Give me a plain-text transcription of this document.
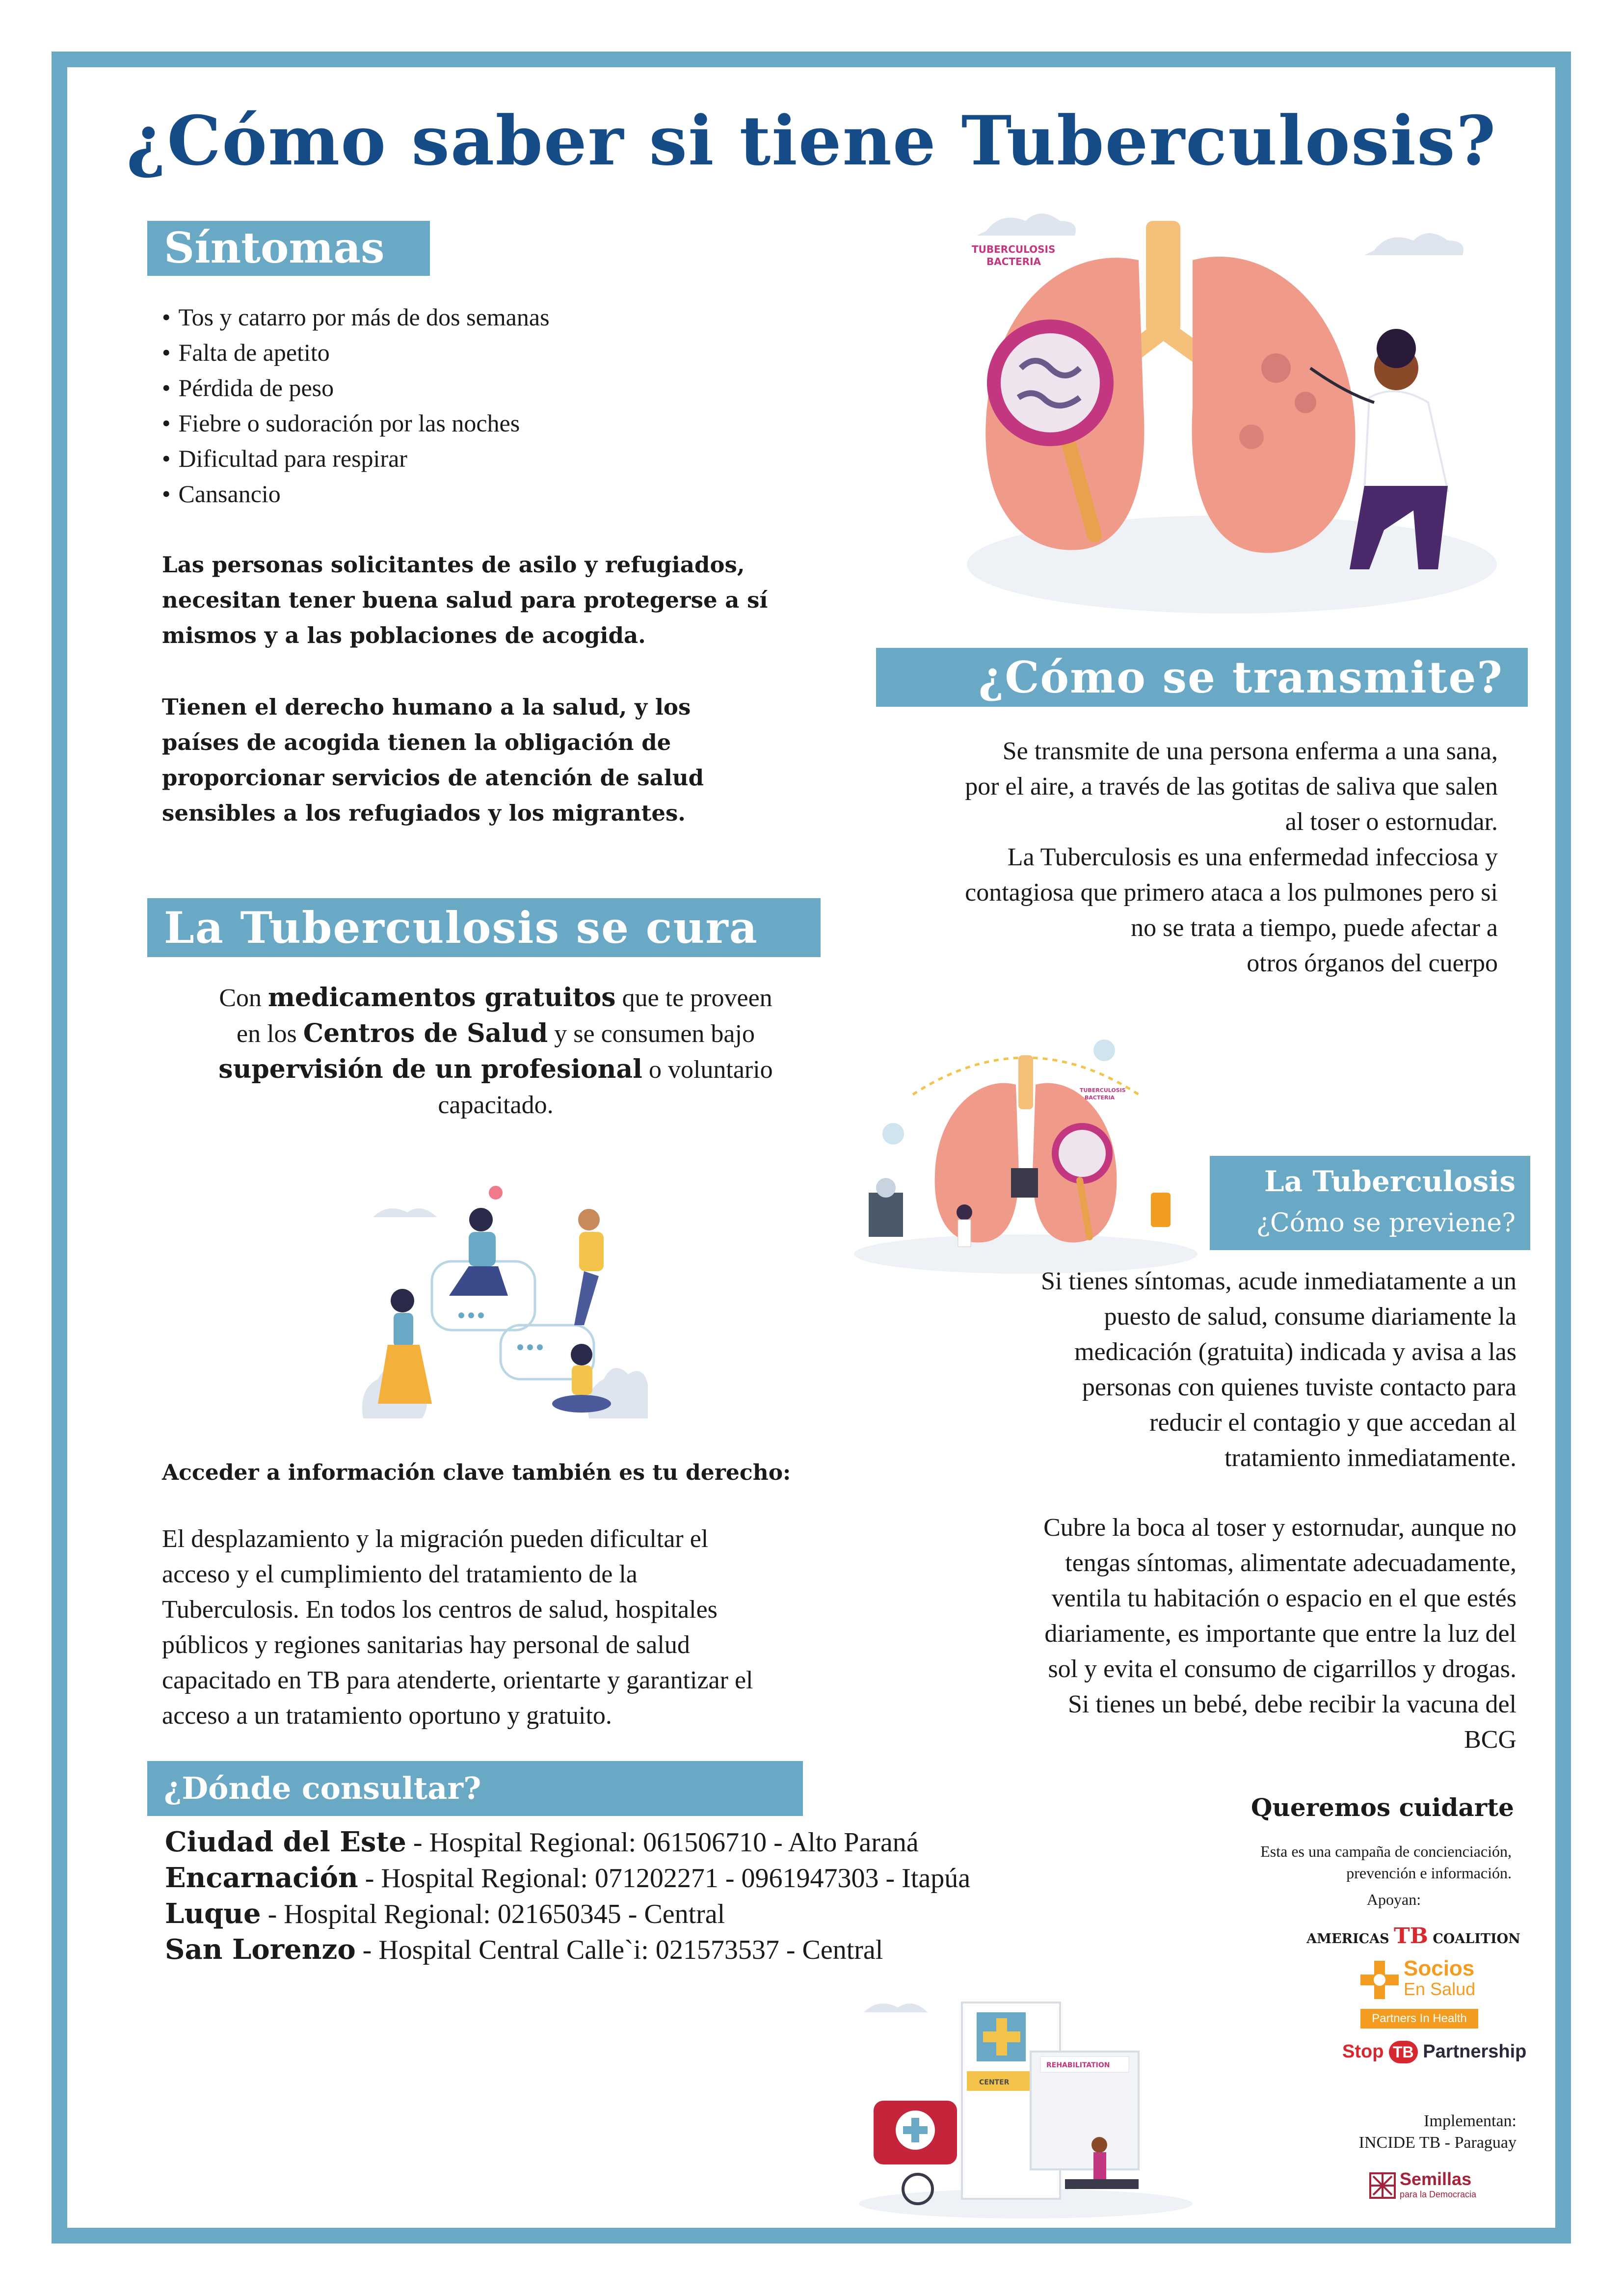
¿Cómo saber si tiene Tuberculosis?
Síntomas
• Tos y catarro por más de dos semanas
• Falta de apetito
• Pérdida de peso
• Fiebre o sudoración por las noches
• Dificultad para respirar
• Cansancio
Las personas solicitantes de asilo y refugiados,
necesitan tener buena salud para protegerse a sí
mismos y a las poblaciones de acogida.
Tienen el derecho humano a la salud, y los
países de acogida tienen la obligación de
proporcionar servicios de atención de salud
sensibles a los refugiados y los migrantes.
TUBERCULOSIS
BACTERIA
¿Cómo se transmite?
Se transmite de una persona enferma a una sana,
por el aire, a través de las gotitas de saliva que salen
al toser o estornudar.
La Tuberculosis es una enfermedad infecciosa y
contagiosa que primero ataca a los pulmones pero si
no se trata a tiempo, puede afectar a
otros órganos del cuerpo
La Tuberculosis se cura
Con medicamentos gratuitos que te proveen
en los Centros de Salud y se consumen bajo
supervisión de un profesional o voluntario
capacitado.
TUBERCULOSIS
BACTERIA
La Tuberculosis
¿Cómo se previene?
Si tienes síntomas, acude inmediatamente a un
puesto de salud, consume diariamente la
medicación (gratuita) indicada y avisa a las
personas con quienes tuviste contacto para
reducir el contagio y que accedan al
tratamiento inmediatamente.
Cubre la boca al toser y estornudar, aunque no
tengas síntomas, alimentate adecuadamente,
ventila tu habitación o espacio en el que estés
diariamente, es importante que entre la luz del
sol y evita el consumo de cigarrillos y drogas.
Si tienes un bebé, debe recibir la vacuna del
BCG
Acceder a información clave también es tu derecho:
El desplazamiento y la migración pueden dificultar el
acceso y el cumplimiento del tratamiento de la
Tuberculosis. En todos los centros de salud, hospitales
públicos y regiones sanitarias hay personal de salud
capacitado en TB para atenderte, orientarte y garantizar el
acceso a un tratamiento oportuno y gratuito.
¿Dónde consultar?
Ciudad del Este - Hospital Regional: 061506710 - Alto Paraná
Encarnación - Hospital Regional: 071202271 - 0961947303 - Itapúa
Luque - Hospital Regional: 021650345 - Central
San Lorenzo - Hospital Central Calle`i: 021573537 - Central
CENTER
REHABILITATION
Queremos cuidarte
Esta es una campaña de concienciación,
prevención e información.
Apoyan:
AMERICAS TB COALITION
Socios
En Salud
Partners In Health
Stop TB Partnership
Implementan:
INCIDE TB - Paraguay
Semillas
para la Democracia
